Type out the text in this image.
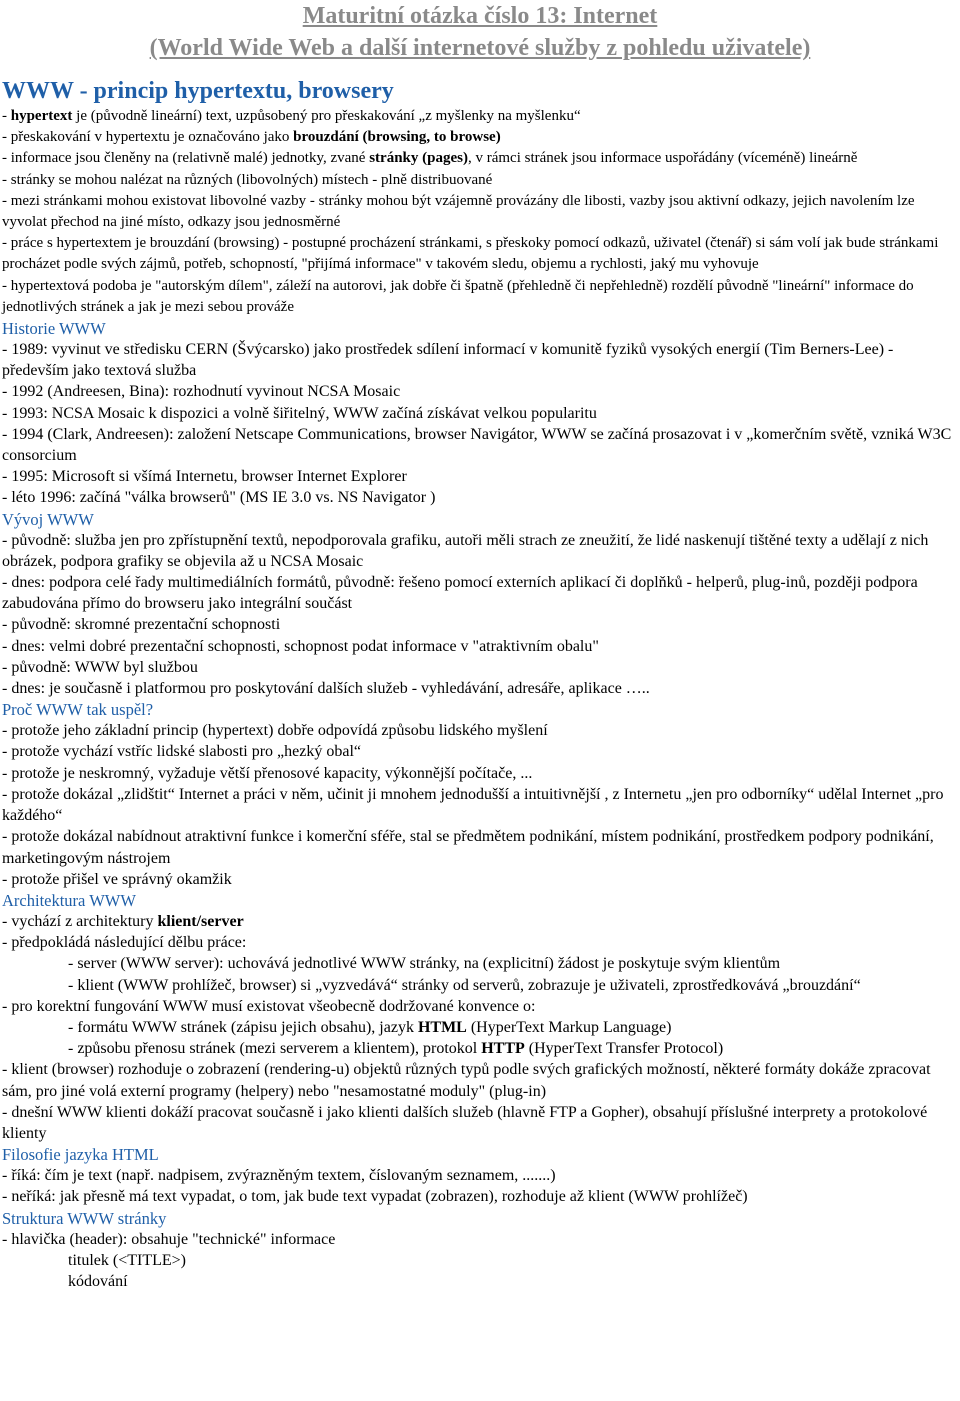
Maturitní otázka číslo 13: Internet
(World Wide Web a další internetové služby z pohledu uživatele)
WWW - princip hypertextu, browsery
- hypertext je (původně lineární) text, uzpůsobený pro přeskakování „z myšlenky na myšlenku“
- přeskakování v hypertextu je označováno jako brouzdání (browsing, to browse)
- informace jsou členěny na (relativně malé) jednotky, zvané stránky (pages), v rámci stránek jsou informace uspořádány (víceméně) lineárně
- stránky se mohou nalézat na různých (libovolných) místech - plně distribuované
- mezi stránkami mohou existovat libovolné vazby - stránky mohou být vzájemně provázány dle libosti, vazby jsou aktivní odkazy, jejich navolením lze vyvolat přechod na jiné místo, odkazy jsou jednosměrné
- práce s hypertextem je brouzdání (browsing) - postupné procházení stránkami, s přeskoky pomocí odkazů, uživatel (čtenář) si sám volí jak bude stránkami procházet podle svých zájmů, potřeb, schopností, "přijímá informace" v takovém sledu, objemu a rychlosti, jaký mu vyhovuje
- hypertextová podoba je "autorským dílem", záleží na autorovi, jak dobře či špatně (přehledně či nepřehledně) rozdělí původně "lineární" informace do jednotlivých stránek a jak je mezi sebou prováže
Historie WWW
- 1989: vyvinut ve středisku CERN (Švýcarsko) jako prostředek sdílení informací v komunitě fyziků vysokých energií (Tim Berners-Lee) - především jako textová služba
- 1992 (Andreesen, Bina): rozhodnutí vyvinout NCSA Mosaic
- 1993: NCSA Mosaic k dispozici a volně šiřitelný, WWW začíná získávat velkou popularitu
- 1994 (Clark, Andreesen): založení Netscape Communications, browser Navigátor, WWW se začíná prosazovat i v „komerčním světě, vzniká W3C consorcium
- 1995: Microsoft si všímá Internetu, browser Internet Explorer
- léto 1996: začíná "válka browserů" (MS IE 3.0 vs. NS Navigator )
Vývoj WWW
- původně: služba jen pro zpřístupnění textů, nepodporovala grafiku, autoři měli strach ze zneužití, že lidé naskenují tištěné texty a udělají z nich obrázek, podpora grafiky se objevila až u NCSA Mosaic
- dnes: podpora celé řady multimediálních formátů, původně: řešeno pomocí externích aplikací či doplňků - helperů, plug-inů, později podpora zabudována přímo do browseru jako integrální součást
- původně: skromné prezentační schopnosti
- dnes: velmi dobré prezentační schopnosti, schopnost podat informace v "atraktivním obalu"
- původně: WWW byl službou
- dnes: je současně i platformou pro poskytování dalších služeb - vyhledávání, adresáře, aplikace …..
Proč WWW tak uspěl?
- protože jeho základní princip (hypertext) dobře odpovídá způsobu lidského myšlení
- protože vychází vstříc lidské slabosti pro „hezký obal“
- protože je neskromný, vyžaduje větší přenosové kapacity, výkonnější počítače, ...
- protože dokázal „zlidštit“ Internet a práci v něm, učinit ji mnohem jednodušší a intuitivnější , z Internetu „jen pro odborníky“ udělal Internet „pro každého“
- protože dokázal nabídnout atraktivní funkce i komerční sféře, stal se předmětem podnikání, místem podnikání, prostředkem podpory podnikání, marketingovým nástrojem
- protože přišel ve správný okamžik
Architektura WWW
- vychází z architektury klient/server
- předpokládá následující dělbu práce:
- server (WWW server): uchovává jednotlivé WWW stránky, na (explicitní) žádost je poskytuje svým klientům
- klient (WWW prohlížeč, browser) si „vyzvedává“ stránky od serverů, zobrazuje je uživateli, zprostředkovává „brouzdání“
- pro korektní fungování WWW musí existovat všeobecně dodržované konvence o:
- formátu WWW stránek (zápisu jejich obsahu), jazyk HTML (HyperText Markup Language)
- způsobu přenosu stránek (mezi serverem a klientem), protokol HTTP (HyperText Transfer Protocol)
- klient (browser) rozhoduje o zobrazení (rendering-u) objektů různých typů podle svých grafických možností, některé formáty dokáže zpracovat sám, pro jiné volá externí programy (helpery) nebo "nesamostatné moduly" (plug-in)
- dnešní WWW klienti dokáží pracovat současně i jako klienti dalších služeb (hlavně FTP a Gopher), obsahují příslušné interprety a protokolové klienty
Filosofie jazyka HTML
- říká: čím je text (např. nadpisem, zvýrazněným textem, číslovaným seznamem, .......)
- neříká: jak přesně má text vypadat, o tom, jak bude text vypadat (zobrazen), rozhoduje až klient (WWW prohlížeč)
Struktura WWW stránky
- hlavička (header): obsahuje "technické" informace
titulek (<TITLE>)
kódování
